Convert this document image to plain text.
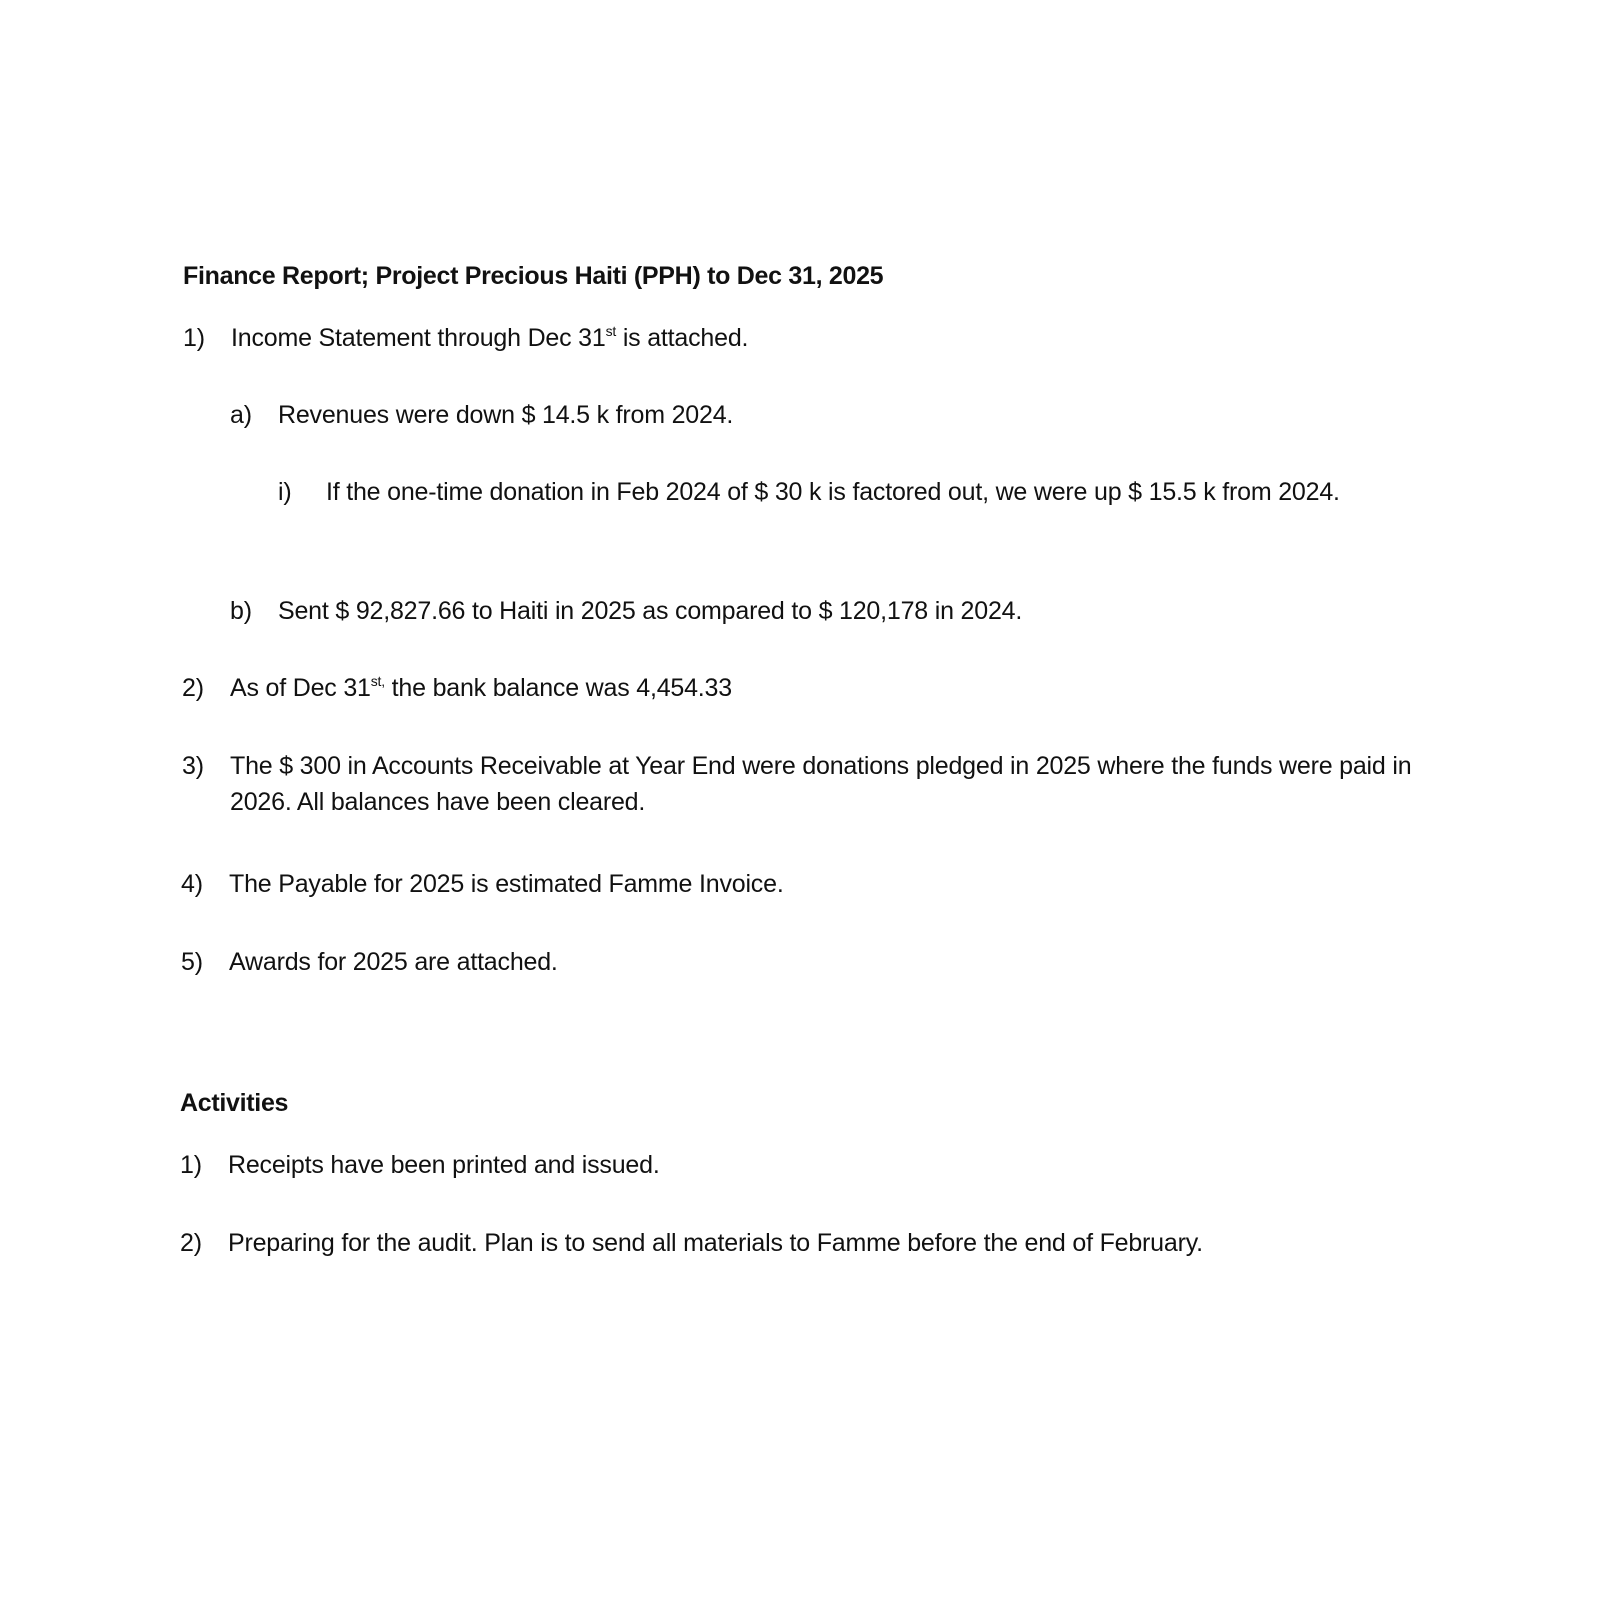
Finance Report; Project Precious Haiti (PPH) to Dec 31, 2025
1) Income Statement through Dec 31st is attached.
a) Revenues were down $ 14.5 k from 2024.
i) If the one-time donation in Feb 2024 of $ 30 k is factored out, we were up $ 15.5 k from 2024.
b) Sent $ 92,827.66 to Haiti in 2025 as compared to $ 120,178 in 2024.
2) As of Dec $31^{st,}$ the bank balance was 4,454.33
3) The $ 300 in Accounts Receivable at Year End were donations pledged in 2025 where the funds were paid in 2026. All balances have been cleared.
4) The Payable for 2025 is estimated Famme Invoice.
5) Awards for 2025 are attached.
Activities
1) Receipts have been printed and issued.
2) Preparing for the audit. Plan is to send all materials to Famme before the end of February.
